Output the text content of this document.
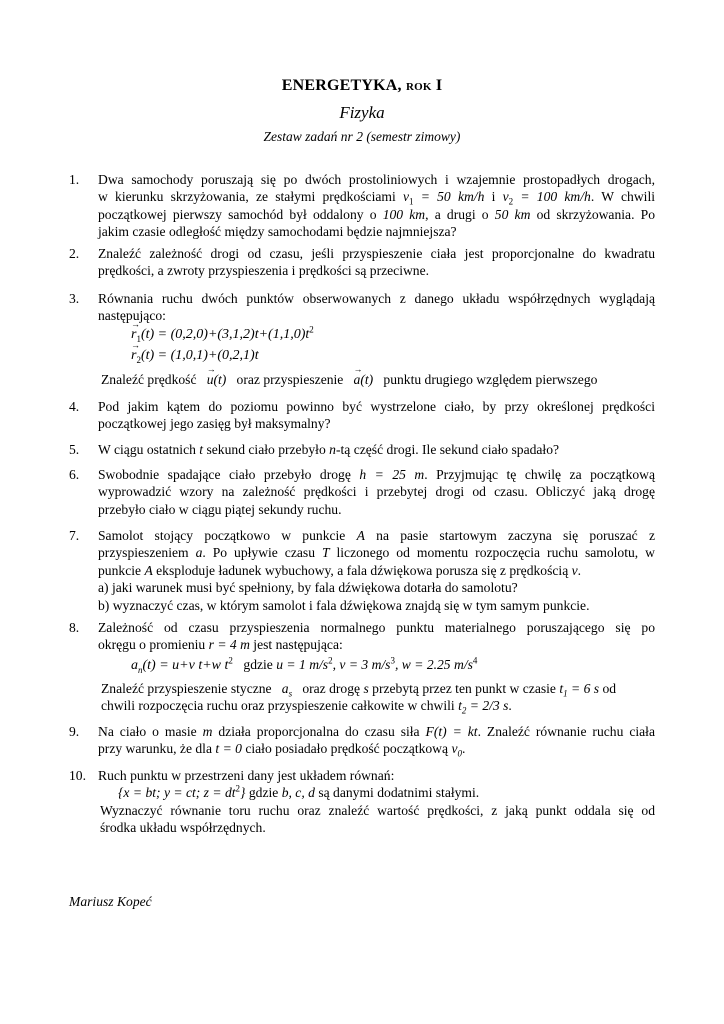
ENERGETYKA, ROK I
Fizyka
Zestaw zadań nr 2 (semestr zimowy)
1. Dwa samochody poruszają się po dwóch prostoliniowych i wzajemnie prostopadłych drogach,
w kierunku skrzyżowania, ze stałymi prędkościami $v_1 = 50$ km/h i $v_2 = 100$ km/h. W chwili
początkowej pierwszy samochód był oddalony o 100 km, a drugi o 50 km od skrzyżowania. Po
jakim czasie odległość między samochodami będzie najmniejsza?
2. Znaleźć zależność drogi od czasu, jeśli przyspieszenie ciała jest proporcjonalne do kwadratu
prędkości, a zwroty przyspieszenia i prędkości są przeciwne.
3. Równania ruchu dwóch punktów obserwowanych z danego układu współrzędnych wyglądają
następująco:
→ $r_1(t) = (0,2,0)+(3,1,2)t+(1,1,0)t^2$
→ $r_2(t) = (1,0,1)+(0,2,1)t$
Znaleźć prędkość → u(t) oraz przyspieszenie → a(t) punktu drugiego względem pierwszego
4. Pod jakim kątem do poziomu powinno być wystrzelone ciało, by przy określonej prędkości
początkowej jego zasięg był maksymalny?
5. W ciągu ostatnich t sekund ciało przebyło n-tą część drogi. Ile sekund ciało spadało?
6. Swobodnie spadające ciało przebyło drogę h = 25 m. Przyjmując tę chwilę za początkową
wyprowadzić wzory na zależność prędkości i przebytej drogi od czasu. Obliczyć jaką drogę
przebyło ciało w ciągu piątej sekundy ruchu.
7. Samolot stojący początkowo w punkcie A na pasie startowym zaczyna się poruszać z
przyspieszeniem a. Po upływie czasu T liczonego od momentu rozpoczęcia ruchu samolotu, w
punkcie A eksploduje ładunek wybuchowy, a fala dźwiękowa porusza się z prędkością v.
a) jaki warunek musi być spełniony, by fala dźwiękowa dotarła do samolotu?
b) wyznaczyć czas, w którym samolot i fala dźwiękowa znajdą się w tym samym punkcie.
8. Zależność od czasu przyspieszenia normalnego punktu materialnego poruszającego się po
okręgu o promieniu r = 4 m jest następująca:
$a_n(t) = u+v$ t+w $t^2$ gdzie u = 1 $m/s^2$, v = 3 $m/s^3$, w = 2.25 $m/s^4$
Znaleźć przyspieszenie styczne $a_s$ oraz drogę s przebytą przez ten punkt w czasie $t_1 = 6$ s od
chwili rozpoczęcia ruchu oraz przyspieszenie całkowite w chwili $t_2 = 2/3$ s.
9. Na ciało o masie m działa proporcjonalna do czasu siła F(t) = kt. Znaleźć równanie ruchu ciała
przy warunku, że dla t = 0 ciało posiadało prędkość początkową $v_0$.
10. Ruch punktu w przestrzeni dany jest układem równań:
{x = bt; y = ct; $z = dt^2$} gdzie b, c, d są danymi dodatnimi stałymi.
Wyznaczyć równanie toru ruchu oraz znaleźć wartość prędkości, z jaką punkt oddala się od
środka układu współrzędnych.
Mariusz Kopeć
